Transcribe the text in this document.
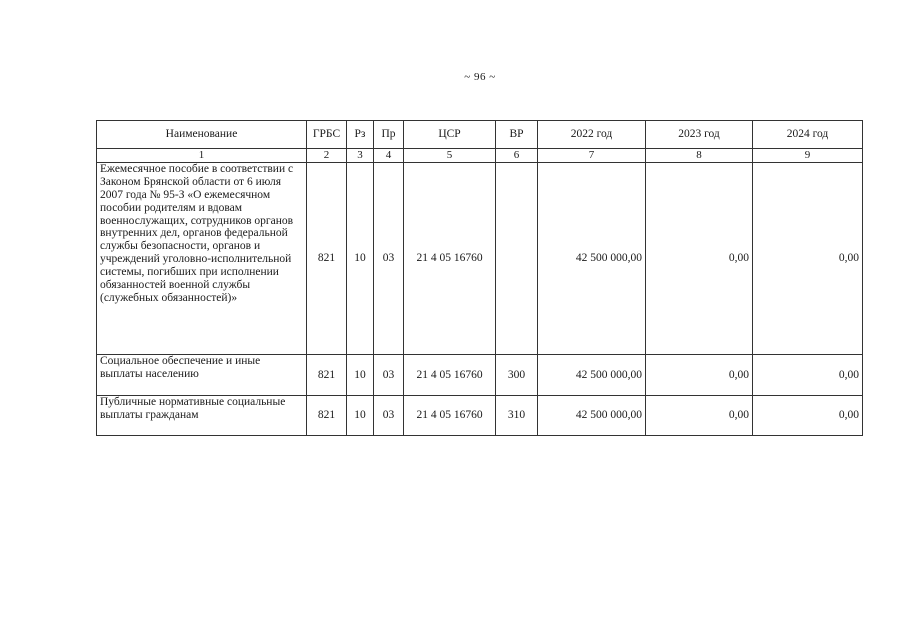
~ 96 ~
Наименование	ГРБС	Рз	Пр	ЦСР	ВР	2022 год	2023 год	2024 год
1	2	3	4	5	6	7	8	9
Ежемесячное пособие в соответствии с Законом Брянской области от 6 июля 2007 года № 95-З «О ежемесячном пособии родителям и вдовам военнослужащих, сотрудников органов внутренних дел, органов федеральной службы безопасности, органов и учреждений уголовно-исполнительной системы, погибших при исполнении обязанностей военной службы (служебных обязанностей)»	821	10	03	21 4 05 16760		42 500 000,00	0,00	0,00
Социальное обеспечение и иные выплаты населению	821	10	03	21 4 05 16760	300	42 500 000,00	0,00	0,00
Публичные нормативные социальные выплаты гражданам	821	10	03	21 4 05 16760	310	42 500 000,00	0,00	0,00
